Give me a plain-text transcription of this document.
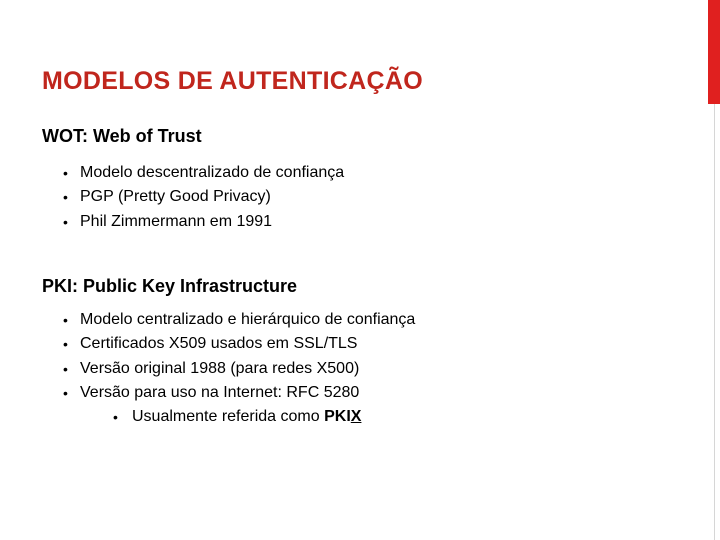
MODELOS DE AUTENTICAÇÃO
WOT: Web of Trust
• Modelo descentralizado de confiança
• PGP (Pretty Good Privacy)
• Phil Zimmermann em 1991
PKI: Public Key Infrastructure
• Modelo centralizado e hierárquico de confiança
• Certificados X509 usados em SSL/TLS
• Versão original 1988 (para redes X500)
• Versão para uso na Internet: RFC 5280
• Usualmente referida como PKIX
